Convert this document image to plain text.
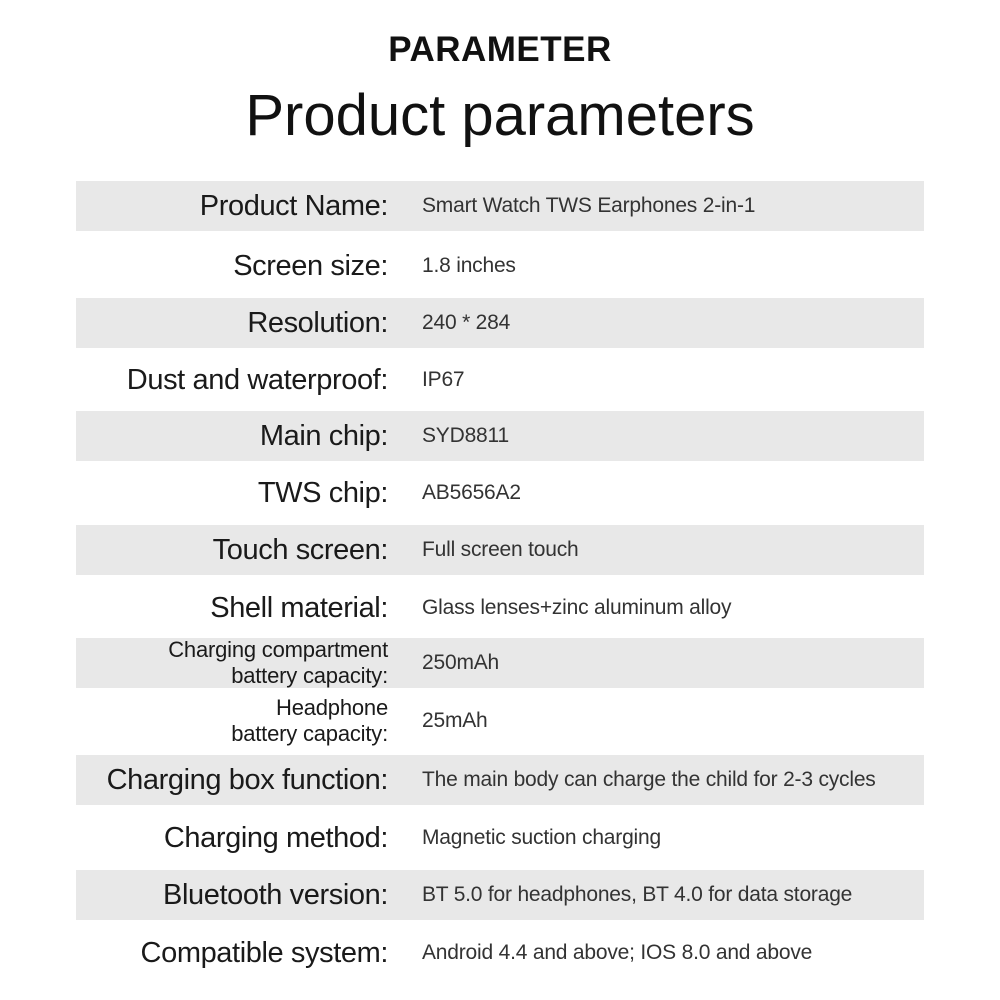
PARAMETER
Product parameters
Product Name: Smart Watch TWS Earphones 2-in-1
Screen size: 1.8 inches
Resolution: 240 * 284
Dust and waterproof: IP67
Main chip: SYD8811
TWS chip: AB5656A2
Touch screen: Full screen touch
Shell material: Glass lenses+zinc aluminum alloy
Charging compartment
battery capacity:
250mAh
Headphone
battery capacity:
25mAh
Charging box function: The main body can charge the child for 2-3 cycles
Charging method: Magnetic suction charging
Bluetooth version: BT 5.0 for headphones, BT 4.0 for data storage
Compatible system: Android 4.4 and above; IOS 8.0 and above
